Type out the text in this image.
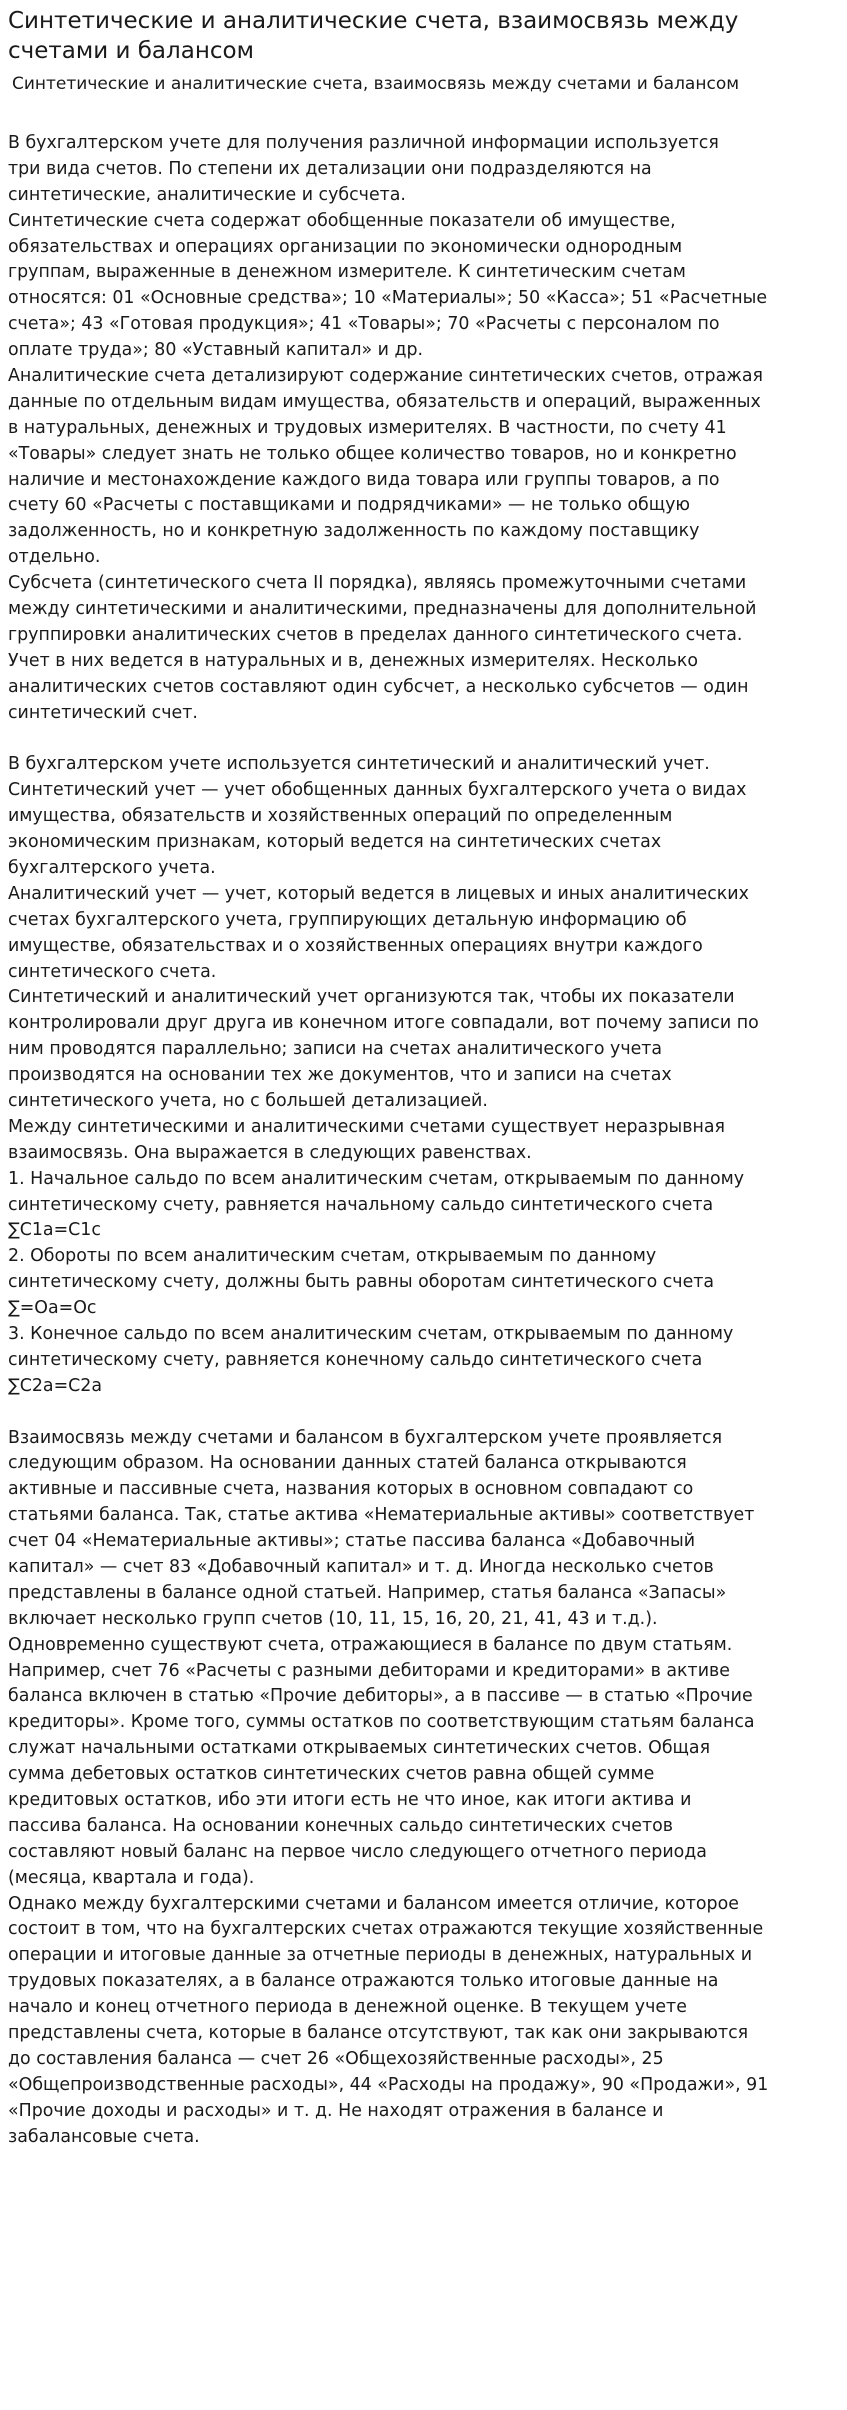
Синтетические и аналитические счета, взаимосвязь между счетами и балансом
Синтетические и аналитические счета, взаимосвязь между счетами и балансом
В бухгалтерском учете для получения различной информации используется
три вида счетов. По степени их детализации они подразделяются на
синтетические, аналитические и субсчета.
Синтетические счета содержат обобщенные показатели об имуществе,
обязательствах и операциях организации по экономически однородным
группам, выраженные в денежном измерителе. К синтетическим счетам
относятся: 01 «Основные средства»; 10 «Материалы»; 50 «Касса»; 51 «Расчетные
счета»; 43 «Готовая продукция»; 41 «Товары»; 70 «Расчеты с персоналом по
оплате труда»; 80 «Уставный капитал» и др.
Аналитические счета детализируют содержание синтетических счетов, отражая
данные по отдельным видам имущества, обязательств и операций, выраженных
в натуральных, денежных и трудовых измерителях. В частности, по счету 41
«Товары» следует знать не только общее количество товаров, но и конкретно
наличие и местонахождение каждого вида товара или группы товаров, а по
счету 60 «Расчеты с поставщиками и подрядчиками» — не только общую
задолженность, но и конкретную задолженность по каждому поставщику
отдельно.
Субсчета (синтетического счета II порядка), являясь промежуточными счетами
между синтетическими и аналитическими, предназначены для дополнительной
группировки аналитических счетов в пределах данного синтетического счета.
Учет в них ведется в натуральных и в, денежных измерителях. Несколько
аналитических счетов составляют один субсчет, а несколько субсчетов — один
синтетический счет.
В бухгалтерском учете используется синтетический и аналитический учет.
Синтетический учет — учет обобщенных данных бухгалтерского учета о видах
имущества, обязательств и хозяйственных операций по определенным
экономическим признакам, который ведется на синтетических счетах
бухгалтерского учета.
Аналитический учет — учет, который ведется в лицевых и иных аналитических
счетах бухгалтерского учета, группирующих детальную информацию об
имуществе, обязательствах и о хозяйственных операциях внутри каждого
синтетического счета.
Синтетический и аналитический учет организуются так, чтобы их показатели
контролировали друг друга ив конечном итоге совпадали, вот почему записи по
ним проводятся параллельно; записи на счетах аналитического учета
производятся на основании тех же документов, что и записи на счетах
синтетического учета, но с большей детализацией.
Между синтетическими и аналитическими счетами существует неразрывная
взаимосвязь. Она выражается в следующих равенствах.
1. Начальное сальдо по всем аналитическим счетам, открываемым по данному
синтетическому счету, равняется начальному сальдо синтетического счета
∑С1а=С1с
2. Обороты по всем аналитическим счетам, открываемым по данному
синтетическому счету, должны быть равны оборотам синтетического счета
∑=Оа=Ос
3. Конечное сальдо по всем аналитическим счетам, открываемым по данному
синтетическому счету, равняется конечному сальдо синтетического счета
∑С2а=С2а
Взаимосвязь между счетами и балансом в бухгалтерском учете проявляется
следующим образом. На основании данных статей баланса открываются
активные и пассивные счета, названия которых в основном совпадают со
статьями баланса. Так, статье актива «Нематериальные активы» соответствует
счет 04 «Нематериальные активы»; статье пассива баланса «Добавочный
капитал» — счет 83 «Добавочный капитал» и т. д. Иногда несколько счетов
представлены в балансе одной статьей. Например, статья баланса «Запасы»
включает несколько групп счетов (10, 11, 15, 16, 20, 21, 41, 43 и т.д.).
Одновременно существуют счета, отражающиеся в балансе по двум статьям.
Например, счет 76 «Расчеты с разными дебиторами и кредиторами» в активе
баланса включен в статью «Прочие дебиторы», а в пассиве — в статью «Прочие
кредиторы». Кроме того, суммы остатков по соответствующим статьям баланса
служат начальными остатками открываемых синтетических счетов. Общая
сумма дебетовых остатков синтетических счетов равна общей сумме
кредитовых остатков, ибо эти итоги есть не что иное, как итоги актива и
пассива баланса. На основании конечных сальдо синтетических счетов
составляют новый баланс на первое число следующего отчетного периода
(месяца, квартала и года).
Однако между бухгалтерскими счетами и балансом имеется отличие, которое
состоит в том, что на бухгалтерских счетах отражаются текущие хозяйственные
операции и итоговые данные за отчетные периоды в денежных, натуральных и
трудовых показателях, а в балансе отражаются только итоговые данные на
начало и конец отчетного периода в денежной оценке. В текущем учете
представлены счета, которые в балансе отсутствуют, так как они закрываются
до составления баланса — счет 26 «Общехозяйственные расходы», 25
«Общепроизводственные расходы», 44 «Расходы на продажу», 90 «Продажи», 91
«Прочие доходы и расходы» и т. д. Не находят отражения в балансе и
забалансовые счета.
